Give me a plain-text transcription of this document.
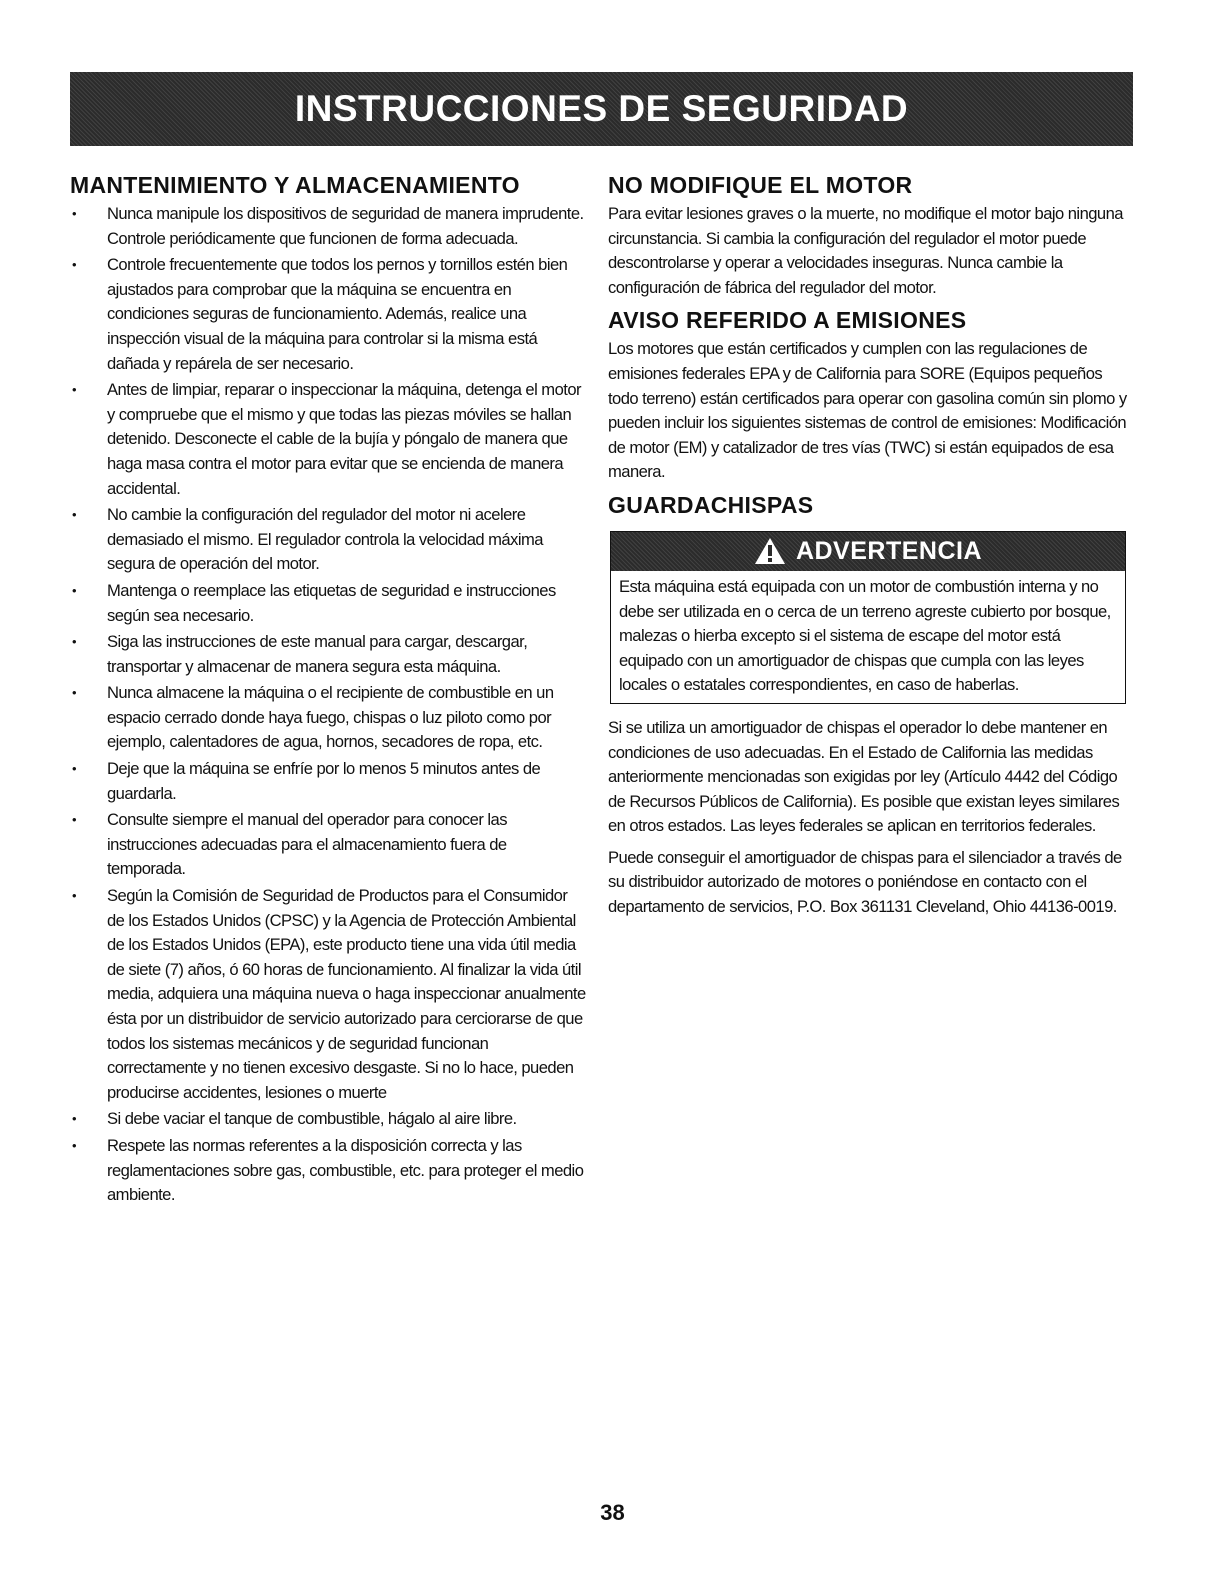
INSTRUCCIONES DE SEGURIDAD
MANTENIMIENTO Y ALMACENAMIENTO
• Nunca manipule los dispositivos de seguridad de manera imprudente. Controle periódicamente que funcionen de forma adecuada.
• Controle frecuentemente que todos los pernos y tornillos estén bien ajustados para comprobar que la máquina se encuentra en condiciones seguras de funcionamiento. Además, realice una inspección visual de la máquina para controlar si la misma está dañada y repárela de ser necesario.
• Antes de limpiar, reparar o inspeccionar la máquina, detenga el motor y compruebe que el mismo y que todas las piezas móviles se hallan detenido. Desconecte el cable de la bujía y póngalo de manera que haga masa contra el motor para evitar que se encienda de manera accidental.
• No cambie la configuración del regulador del motor ni acelere demasiado el mismo. El regulador controla la velocidad máxima segura de operación del motor.
• Mantenga o reemplace las etiquetas de seguridad e instrucciones según sea necesario.
• Siga las instrucciones de este manual para cargar, descargar, transportar y almacenar de manera segura esta máquina.
• Nunca almacene la máquina o el recipiente de combustible en un espacio cerrado donde haya fuego, chispas o luz piloto como por ejemplo, calentadores de agua, hornos, secadores de ropa, etc.
• Deje que la máquina se enfríe por lo menos 5 minutos antes de guardarla.
• Consulte siempre el manual del operador para conocer las instrucciones adecuadas para el almacenamiento fuera de temporada.
• Según la Comisión de Seguridad de Productos para el Consumidor de los Estados Unidos (CPSC) y la Agencia de Protección Ambiental de los Estados Unidos (EPA), este producto tiene una vida útil media de siete (7) años, ó 60 horas de funcionamiento. Al finalizar la vida útil media, adquiera una máquina nueva o haga inspeccionar anualmente ésta por un distribuidor de servicio autorizado para cerciorarse de que todos los sistemas mecánicos y de seguridad funcionan correctamente y no tienen excesivo desgaste. Si no lo hace, pueden producirse accidentes, lesiones o muerte
• Si debe vaciar el tanque de combustible, hágalo al aire libre.
• Respete las normas referentes a la disposición correcta y las reglamentaciones sobre gas, combustible, etc. para proteger el medio ambiente.
NO MODIFIQUE EL MOTOR

Para evitar lesiones graves o la muerte, no modifique el motor bajo ninguna circunstancia. Si cambia la configuración del regulador el motor puede descontrolarse y operar a velocidades inseguras. Nunca cambie la configuración de fábrica del regulador del motor.

AVISO REFERIDO A EMISIONES

Los motores que están certificados y cumplen con las regulaciones de emisiones federales EPA y de California para SORE (Equipos pequeños todo terreno) están certificados para operar con gasolina común sin plomo y pueden incluir los siguientes sistemas de control de emisiones: Modificación de motor (EM) y catalizador de tres vías (TWC) si están equipados de esa manera.

GUARDACHISPAS
ADVERTENCIA

Esta máquina está equipada con un motor de combustión interna y no debe ser utilizada en o cerca de un terreno agreste cubierto por bosque, malezas o hierba excepto si el sistema de escape del motor está equipado con un amortiguador de chispas que cumpla con las leyes locales o estatales correspondientes, en caso de haberlas.

Si se utiliza un amortiguador de chispas el operador lo debe mantener en condiciones de uso adecuadas. En el Estado de California las medidas anteriormente mencionadas son exigidas por ley (Artículo 4442 del Código de Recursos Públicos de California). Es posible que existan leyes similares en otros estados. Las leyes federales se aplican en territorios federales.

Puede conseguir el amortiguador de chispas para el silenciador a través de su distribuidor autorizado de motores o poniéndose en contacto con el departamento de servicios, P.O. Box 361131 Cleveland, Ohio 44136-0019.

38
